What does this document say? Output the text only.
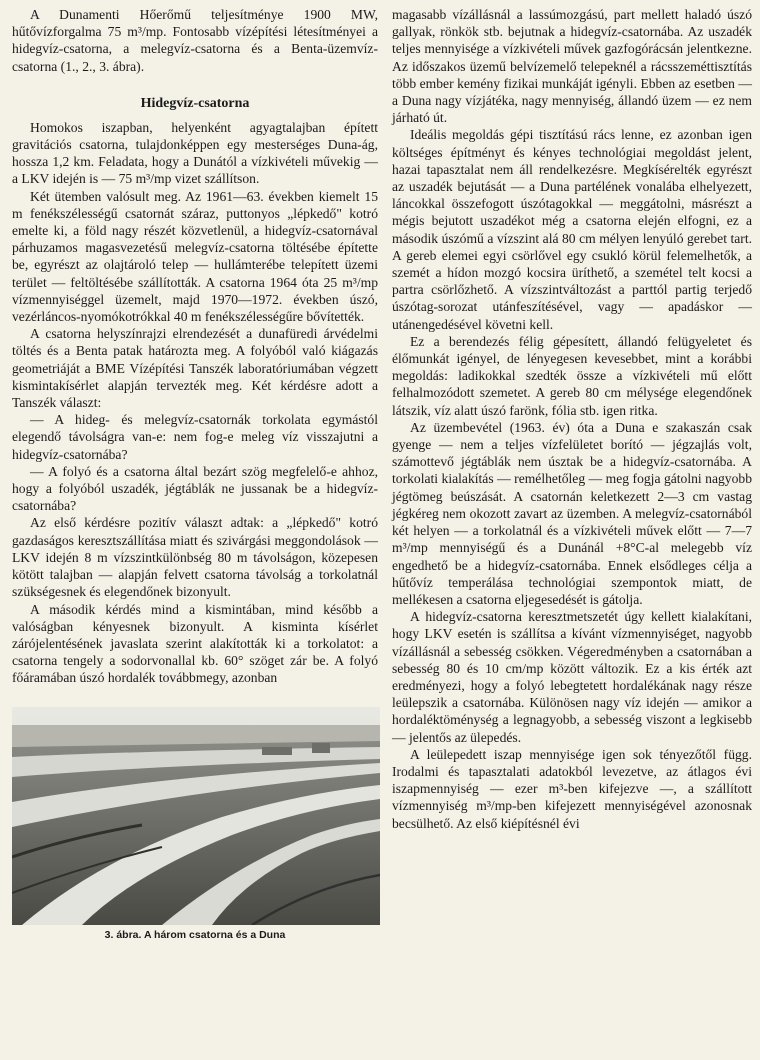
A Dunamenti Hőerőmű teljesítménye 1900 MW, hűtővízforgalma 75 m³/mp. Fontosabb vízépítési létesítményei a hidegvíz-csatorna, a melegvíz-csatorna és a Benta-üzemvíz-csatorna (1., 2., 3. ábra).

Hidegvíz-csatorna

Homokos iszapban, helyenként agyagtalajban épített gravitációs csatorna, tulajdonképpen egy mesterséges Duna-ág, hossza 1,2 km. Feladata, hogy a Dunától a vízkivételi művekig — a LKV idején is — 75 m³/mp vizet szállítson.

Két ütemben valósult meg. Az 1961—63. években kiemelt 15 m fenékszélességű csatornát száraz, puttonyos „lépkedő" kotró emelte ki, a föld nagy részét közvetlenül, a hidegvíz-csatornával párhuzamos magasvezetésű melegvíz-csatorna töltésébe építette be, egyrészt az olajtároló telep — hullámterébe telepített üzemi terület — feltöltésébe szállították. A csatorna 1964 óta 25 m³/mp vízmennyiséggel üzemelt, majd 1970—1972. években úszó, vezérláncos-nyomókotrókkal 40 m fenékszélességűre bővítették.

A csatorna helyszínrajzi elrendezését a dunafüredi árvédelmi töltés és a Benta patak határozta meg. A folyóból való kiágazás geometriáját a BME Vízépítési Tanszék laboratóriumában végzett kismintakísérlet alapján tervezték meg. Két kérdésre adott a Tanszék választ:

— A hideg- és melegvíz-csatornák torkolata egymástól elegendő távolságra van-e: nem fog-e meleg víz visszajutni a hidegvíz-csatornába?

— A folyó és a csatorna által bezárt szög megfelelő-e ahhoz, hogy a folyóból uszadék, jégtáblák ne jussanak be a hidegvíz-csatornába?

Az első kérdésre pozitív választ adtak: a „lépkedő" kotró gazdaságos keresztszállítása miatt és szivárgási meggondolások — LKV idején 8 m vízszintkülönbség 80 m távolságon, közepesen kötött talajban — alapján felvett csatorna távolság a torkolatnál szükségesnek és elegendőnek bizonyult.

A második kérdés mind a kismintában, mind később a valóságban kényesnek bizonyult. A kisminta kísérlet zárójelentésének javaslata szerint alakították ki a torkolatot: a csatorna tengely a sodorvonallal kb. 60° szöget zár be. A folyó főáramában úszó hordalék továbbmegy, azonban

3. ábra. A három csatorna és a Duna

magasabb vízállásnál a lassúmozgású, part mellett haladó úszó gallyak, rönkök stb. bejutnak a hidegvíz-csatornába. Az uszadék teljes mennyisége a vízkivételi művek gazfogórácsán jelentkezne. Az időszakos üzemű belvízemelő telepeknél a rácsszeméttisztítás több ember kemény fizikai munkáját igényli. Ebben az esetben — a Duna nagy vízjátéka, nagy mennyiség, állandó üzem — ez nem járható út.

Ideális megoldás gépi tisztítású rács lenne, ez azonban igen költséges építményt és kényes technológiai megoldást jelent, hazai tapasztalat nem áll rendelkezésre. Megkísérelték egyrészt az uszadék bejutását — a Duna partélének vonalába elhelyezett, láncokkal összefogott úszótagokkal — meggátolni, másrészt a mégis bejutott uszadékot még a csatorna elején elfogni, ez a második úszómű a vízszint alá 80 cm mélyen lenyúló gerebet tart. A gereb elemei egyi csörlővel egy csukló körül felemelhetők, a szemét a hídon mozgó kocsira üríthető, a szemétel telt kocsi a partra csörlőzhető. A vízszintváltozást a parttól partig terjedő úszótag-sorozat utánfeszítésével, vagy — apadáskor — utánengedésével követni kell.

Ez a berendezés félig gépesített, állandó felügyeletet és élőmunkát igényel, de lényegesen kevesebbet, mint a korábbi megoldás: ladikokkal szedték össze a vízkivételi mű előtt felhalmozódott szemetet. A gereb 80 cm mélysége elegendőnek látszik, víz alatt úszó farönk, fólia stb. igen ritka.

Az üzembevétel (1963. év) óta a Duna e szakaszán csak gyenge — nem a teljes vízfelületet borító — jégzajlás volt, számottevő jégtáblák nem úsztak be a hidegvíz-csatornába. A torkolati kialakítás — remélhetőleg — meg fogja gátolni nagyobb jégtömeg beúszását. A csatornán keletkezett 2—3 cm vastag jégkéreg nem okozott zavart az üzemben. A melegvíz-csatornából két helyen — a torkolatnál és a vízkivételi művek előtt — 7—7 m³/mp mennyiségű és a Dunánál +8°C-al melegebb víz engedhető be a hidegvíz-csatornába. Ennek elsődleges célja a hűtővíz temperálása technológiai szempontok miatt, de mellékesen a csatorna eljegesedését is gátolja.

A hidegvíz-csatorna keresztmetszetét úgy kellett kialakítani, hogy LKV esetén is szállítsa a kívánt vízmennyiséget, nagyobb vízállásnál a sebesség csökken. Végeredményben a csatornában a sebesség 80 és 10 cm/mp között változik. Ez a kis érték azt eredményezi, hogy a folyó lebegtetett hordalékának nagy része leülepszik a csatornába. Különösen nagy víz idején — amikor a hordaléktöménység a legnagyobb, a sebesség viszont a legkisebb — jelentős az ülepedés.

A leülepedett iszap mennyisége igen sok tényezőtől függ. Irodalmi és tapasztalati adatokból levezetve, az átlagos évi iszapmennyiség — ezer m³-ben kifejezve —, a szállított vízmennyiség m³/mp-ben kifejezett mennyiségével azonosnak becsülhető. Az első kiépítésnél évi
